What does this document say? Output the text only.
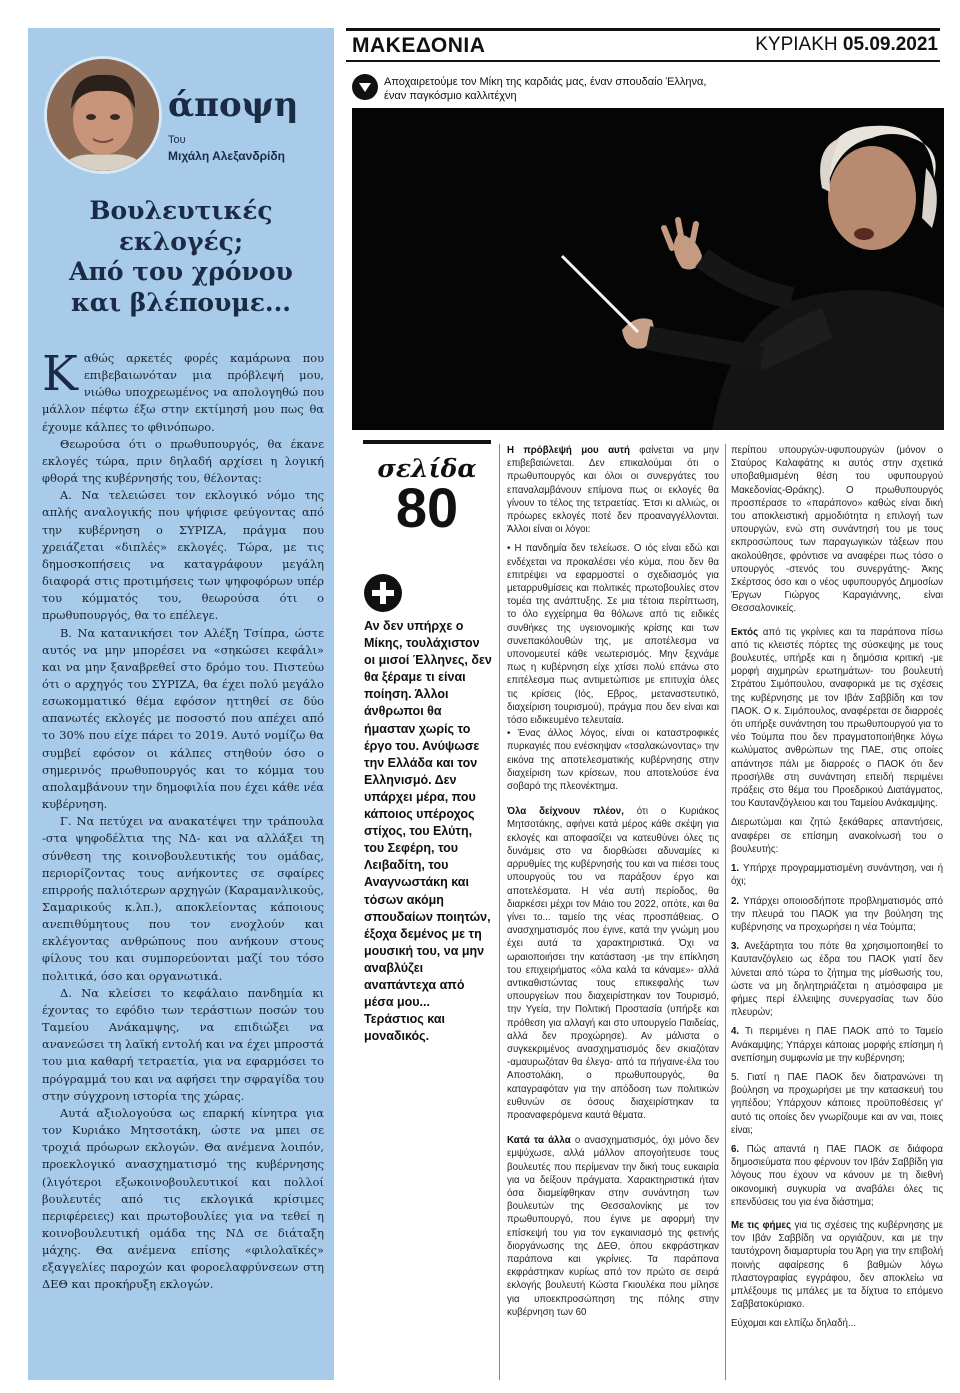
άποψη
Του
Μιχάλη Αλεξανδρίδη
Βουλευτικές
εκλογές;
Από του χρόνου
και βλέπουμε...

Καθώς αρκετές φορές καμάρωνα που επιβεβαιωνόταν μια πρόβλεψή μου, νιώθω υποχρεωμένος να απολογηθώ που μάλλον πέφτω έξω στην εκτίμησή μου πως θα έχουμε κάλπες το φθινόπωρο.

Θεωρούσα ότι ο πρωθυπουργός, θα έκανε εκλογές τώρα, πριν δηλαδή αρχίσει η λογική φθορά της κυβέρνησής του, θέλοντας:

Α. Να τελειώσει τον εκλογικό νόμο της απλής αναλογικής που ψήφισε φεύγοντας από την κυβέρνηση ο ΣΥΡΙΖΑ, πράγμα που χρειάζεται «διπλές» εκλογές. Τώρα, με τις δημοσκοπήσεις να καταγράφουν μεγάλη διαφορά στις προτιμήσεις των ψηφοφόρων υπέρ του κόμματός του, θεωρούσα ότι ο πρωθυπουργός, θα το επέλεγε.

Β. Να κατανικήσει τον Αλέξη Τσίπρα, ώστε αυτός να μην μπορέσει να «σηκώσει κεφάλι» και να μην ξαναβρεθεί στο δρόμο του. Πιστεύω ότι ο αρχηγός του ΣΥΡΙΖΑ, θα έχει πολύ μεγάλο εσωκομματικό θέμα εφόσον ηττηθεί σε δύο απανωτές εκλογές με ποσοστό που απέχει από το 30% που είχε πάρει το 2019. Αυτό νομίζω θα συμβεί εφόσον οι κάλπες στηθούν όσο ο σημερινός πρωθυπουργός και το κόμμα του απολαμβάνουν την δημοφιλία που έχει κάθε νέα κυβέρνηση.

Γ. Να πετύχει να ανακατέψει την τράπουλα -στα ψηφοδέλτια της ΝΔ- και να αλλάξει τη σύνθεση της κοινοβουλευτικής του ομάδας, περιορίζοντας τους ανήκοντες σε σφαίρες επιρροής παλιότερων αρχηγών (Καραμανλικούς, Σαμαρικούς κ.λπ.), αποκλείοντας κάποιους ανεπιθύμητους που τον ενοχλούν και εκλέγοντας ανθρώπους που ανήκουν στους φίλους του και συμπορεύονται μαζί του τόσο πολιτικά, όσο και οργανωτικά.

Δ. Να κλείσει το κεφάλαιο πανδημία κι έχοντας το εφόδιο των τεράστιων ποσών του Ταμείου Ανάκαμψης, να επιδιώξει να ανανεώσει τη λαϊκή εντολή και να έχει μπροστά του μια καθαρή τετραετία, για να εφαρμόσει το πρόγραμμά του και να αφήσει την σφραγίδα του στην σύγχρονη ιστορία της χώρας.

Αυτά αξιολογούσα ως επαρκή κίνητρα για τον Κυριάκο Μητσοτάκη, ώστε να μπει σε τροχιά πρόωρων εκλογών. Θα ανέμενα λοιπόν, προεκλογικό ανασχηματισμό της κυβέρνησης (λιγότεροι εξωκοινοβουλευτικοί και πολλοί βουλευτές από τις εκλογικά κρίσιμες περιφέρειες) και πρωτοβουλίες για να τεθεί η κοινοβουλευτική ομάδα της ΝΔ σε διάταξη μάχης. Θα ανέμενα επίσης «φιλολαϊκές» εξαγγελίες παροχών και φοροελαφρύνσεων στη ΔΕΘ και προκήρυξη εκλογών.

ΜΑΚΕΔΟΝΙΑ	ΚΥΡΙΑΚΗ 05.09.2021
Αποχαιρετούμε τον Μίκη της καρδιάς μας, έναν σπουδαίο Έλληνα, έναν παγκόσμιο καλλιτέχνη
σελίδα
80
Αν δεν υπήρχε ο Μίκης, τουλάχιστον οι μισοί Έλληνες, δεν θα ξέραμε τι είναι ποίηση. Άλλοι άνθρωποι θα ήμασταν χωρίς το έργο του. Ανύψωσε την Ελλάδα και τον Ελληνισμό. Δεν υπάρχει μέρα, που κάποιος υπέροχος στίχος, του Ελύτη, του Σεφέρη, του Λειβαδίτη, του Αναγνωστάκη και τόσων ακόμη σπουδαίων ποιητών, έξοχα δεμένος με τη μουσική του, να μην αναβλύζει αναπάντεχα από μέσα μου... Τεράστιος και μοναδικός.

Η πρόβλεψή μου αυτή φαίνεται να μην επιβεβαιώνεται. Δεν επικαλούμαι ότι ο πρωθυπουργός και όλοι οι συνεργάτες του επαναλαμβάνουν επίμονα πως οι εκλογές θα γίνουν το τέλος της τετραετίας. Έτσι κι αλλιώς, οι πρόωρες εκλογές ποτέ δεν προαναγγέλλονται. Άλλοι είναι οι λόγοι:

• Η πανδημία δεν τελείωσε. Ο ιός είναι εδώ και ενδέχεται να προκαλέσει νέο κύμα, που δεν θα επιτρέψει να εφαρμοστεί ο σχεδιασμός για μεταρρυθμίσεις και πολιτικές πρωτοβουλίες στον τομέα της ανάπτυξης. Σε μια τέτοια περίπτωση, το όλο εγχείρημα θα θόλωνε από τις ειδικές συνθήκες της υγειονομικής κρίσης και των συνεπακόλουθών της, με αποτέλεσμα να υπονομευτεί κάθε νεωτερισμός. Μην ξεχνάμε πως η κυβέρνηση είχε χτίσει πολύ επάνω στο επιτέλεσμα πως αντιμετώπισε με επιτυχία όλες τις κρίσεις (Ιός, Εβρος, μεταναστευτικό, διαχείριση τουρισμού), πράγμα που δεν είναι και τόσο ειδικευμένο τελευταία.

• Ένας άλλος λόγος, είναι οι καταστροφικές πυρκαγιές που ενέσκηψαν «τσαλακώνοντας» την εικόνα της αποτελεσματικής κυβέρνησης στην διαχείριση των κρίσεων, που αποτελούσε ένα σοβαρό της πλεονέκτημα.

Όλα δείχνουν πλέον, ότι ο Κυριάκος Μητσοτάκης, αφήνει κατά μέρος κάθε σκέψη για εκλογές και αποφασίζει να κατευθύνει όλες τις δυνάμεις στο να διορθώσει αδυναμίες κι αρρυθμίες της κυβέρνησής του και να πιέσει τους υπουργούς του να παράξουν έργο και αποτελέσματα. Η νέα αυτή περίοδος, θα διαρκέσει μέχρι τον Μάιο του 2022, οπότε, και θα γίνει το... ταμείο της νέας προσπάθειας. Ο ανασχηματισμός που έγινε, κατά την γνώμη μου έχει αυτά τα χαρακτηριστικά. Όχι να ωραιοποιήσει την κατάσταση -με την επίκληση του επιχειρήματος «όλα καλά τα κάναμε»- αλλά αντικαθιστώντας τους επικεφαλής των υπουργείων που διαχειρίστηκαν τον Τουρισμό, την Υγεία, την Πολιτική Προστασία (υπήρξε και πρόθεση για αλλαγή και στο υπουργείο Παιδείας, αλλά δεν προχώρησε). Αν μάλιστα ο συγκεκριμένος ανασχηματισμός δεν σκιαζόταν -αμαυρωζόταν θα έλεγα- από τα πήγαινε-έλα του Αποστολάκη, ο πρωθυπουργός, θα καταγραφόταν για την απόδοση των πολιτικών ευθυνών σε όσους διαχειρίστηκαν τα προαναφερόμενα καυτά θέματα.

Κατά τα άλλα ο ανασχηματισμός, όχι μόνο δεν εμψύχωσε, αλλά μάλλον απογοήτευσε τους βουλευτές που περίμεναν την δική τους ευκαιρία για να δείξουν πράγματα. Χαρακτηριστικά ήταν όσα διαμείφθηκαν στην συνάντηση των βουλευτών της Θεσσαλονίκης με τον πρωθυπουργό, που έγινε με αφορμή την επίσκεψή του για τον εγκαινιασμό της φετινής διοργάνωσης της ΔΕΘ, όπου εκφράστηκαν παράπονα και γκρίνιες. Τα παράπονα εκφράστηκαν κυρίως από τον πρώτο σε σειρά εκλογής βουλευτή Κώστα Γκιουλέκα που μίλησε για υποεκπροσώπηση της πόλης στην κυβέρνηση των 60

περίπου υπουργών-υφυπουργών (μόνον ο Σταύρος Καλαφάτης κι αυτός στην σχετικά υποβαθμισμένη θέση του υφυπουργού Μακεδονίας-Θράκης). Ο πρωθυπουργός προσπέρασε το «παράπονο» καθώς είναι δική του αποκλειστική αρμοδιότητα η επιλογή των υπουργών, ενώ στη συνάντησή του με τους εκπροσώπους των παραγωγικών τάξεων που ακολούθησε, φρόντισε να αναφέρει πως τόσο ο υπουργός -στενός του συνεργάτης- Άκης Σκέρτσος όσο και ο νέος υφυπουργός Δημοσίων Έργων Γιώργος Καραγιάννης, είναι Θεσσαλονικείς.

Εκτός από τις γκρίνιες και τα παράπονα πίσω από τις κλειστές πόρτες της σύσκεψης με τους βουλευτές, υπήρξε και η δημόσια κριτική -με μορφή αιχμηρών ερωτημάτων- του βουλευτή Στράτου Σιμόπουλου, αναφορικά με τις σχέσεις της κυβέρνησης με τον Ιβάν Σαββίδη και τον ΠΑΟΚ. Ο κ. Σιμόπουλος, αναφέρεται σε διαρροές ότι υπήρξε συνάντηση του πρωθυπουργού για το νέο Τούμπα που δεν πραγματοποιήθηκε λόγω κωλύματος ανθρώπων της ΠΑΕ, στις οποίες απάντησε πάλι με διαρροές ο ΠΑΟΚ ότι δεν προσήλθε στη συνάντηση επειδή περιμένει πράξεις στο θέμα του Προεδρικού Διατάγματος, του Καυτανζόγλειου και του Ταμείου Ανάκαμψης.

Διερωτώμαι και ζητώ ξεκάθαρες απαντήσεις, αναφέρει σε επίσημη ανακοίνωσή του ο βουλευτής:

1. Υπήρχε προγραμματισμένη συνάντηση, ναι ή όχι;

2. Υπάρχει οποιοσδήποτε προβληματισμός από την πλευρά του ΠΑΟΚ για την βούληση της κυβέρνησης να προχωρήσει η νέα Τούμπα;

3. Ανεξάρτητα του πότε θα χρησιμοποιηθεί το Καυτανζόγλειο ως έδρα του ΠΑΟΚ γιατί δεν λύνεται από τώρα το ζήτημα της μίσθωσής του, ώστε να μη δηλητηριάζεται η ατμόσφαιρα με φήμες περί έλλειψης συνεργασίας των δύο πλευρών;

4. Τι περιμένει η ΠΑΕ ΠΑΟΚ από το Ταμείο Ανάκαμψης; Υπάρχει κάποιας μορφής επίσημη ή ανεπίσημη συμφωνία με την κυβέρνηση;

5. Γιατί η ΠΑΕ ΠΑΟΚ δεν διατρανώνει τη βούληση να προχωρήσει με την κατασκευή του γηπέδου; Υπάρχουν κάποιες προϋποθέσεις γι' αυτό τις οποίες δεν γνωρίζουμε και αν ναι, ποιες είναι;

6. Πώς απαντά η ΠΑΕ ΠΑΟΚ σε διάφορα δημοσιεύματα που φέρνουν τον Ιβάν Σαββίδη για λόγους που έχουν να κάνουν με τη διεθνή οικονομική συγκυρία να αναβάλει όλες τις επενδύσεις του για ένα διάστημα;

Με τις φήμες για τις σχέσεις της κυβέρνησης με τον Ιβάν Σαββίδη να οργιάζουν, και με την ταυτόχρονη διαμαρτυρία του Άρη για την επιβολή ποινής αφαίρεσης 6 βαθμών λόγω πλαστογραφίας εγγράφου, δεν αποκλείω να μπλέξουμε τις μπάλες με τα δίχτυα το επόμενο Σαββατοκύριακο.

Εύχομαι και ελπίζω δηλαδή...
